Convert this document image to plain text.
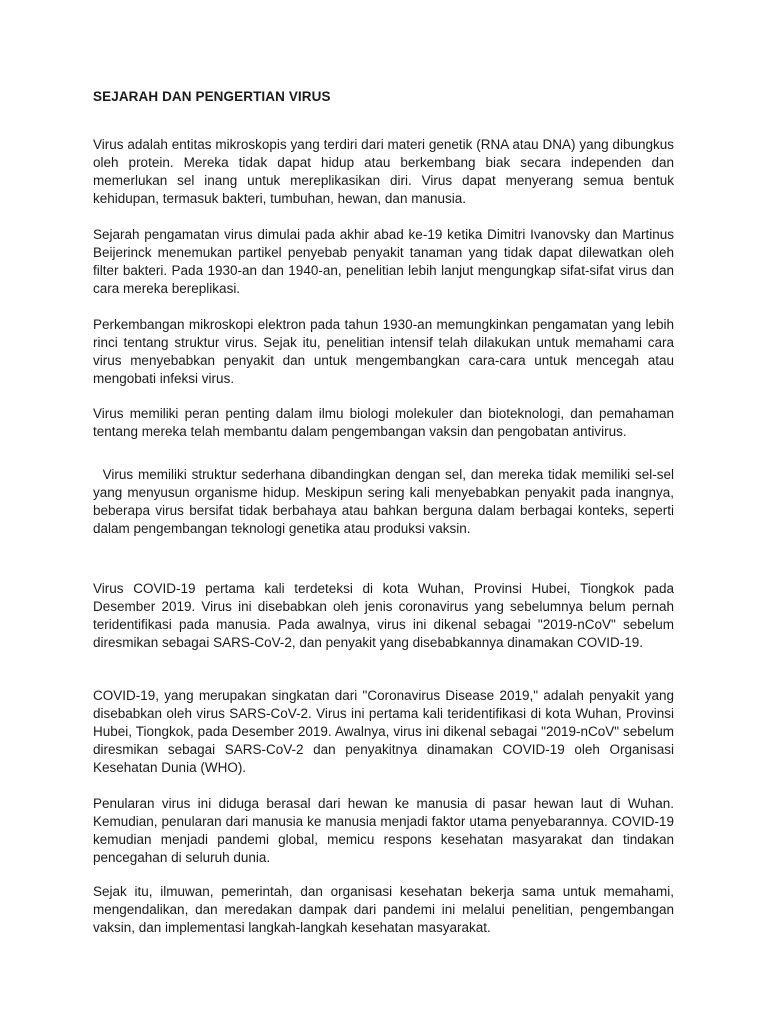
SEJARAH DAN PENGERTIAN VIRUS

Virus adalah entitas mikroskopis yang terdiri dari materi genetik (RNA atau DNA) yang dibungkus oleh protein. Mereka tidak dapat hidup atau berkembang biak secara independen dan memerlukan sel inang untuk mereplikasikan diri. Virus dapat menyerang semua bentuk kehidupan, termasuk bakteri, tumbuhan, hewan, dan manusia.

Sejarah pengamatan virus dimulai pada akhir abad ke-19 ketika Dimitri Ivanovsky dan Martinus Beijerinck menemukan partikel penyebab penyakit tanaman yang tidak dapat dilewatkan oleh filter bakteri. Pada 1930-an dan 1940-an, penelitian lebih lanjut mengungkap sifat-sifat virus dan cara mereka bereplikasi.

Perkembangan mikroskopi elektron pada tahun 1930-an memungkinkan pengamatan yang lebih rinci tentang struktur virus. Sejak itu, penelitian intensif telah dilakukan untuk memahami cara virus menyebabkan penyakit dan untuk mengembangkan cara-cara untuk mencegah atau mengobati infeksi virus.

Virus memiliki peran penting dalam ilmu biologi molekuler dan bioteknologi, dan pemahaman tentang mereka telah membantu dalam pengembangan vaksin dan pengobatan antivirus.

Virus memiliki struktur sederhana dibandingkan dengan sel, dan mereka tidak memiliki sel-sel yang menyusun organisme hidup. Meskipun sering kali menyebabkan penyakit pada inangnya, beberapa virus bersifat tidak berbahaya atau bahkan berguna dalam berbagai konteks, seperti dalam pengembangan teknologi genetika atau produksi vaksin.

Virus COVID-19 pertama kali terdeteksi di kota Wuhan, Provinsi Hubei, Tiongkok pada Desember 2019. Virus ini disebabkan oleh jenis coronavirus yang sebelumnya belum pernah teridentifikasi pada manusia. Pada awalnya, virus ini dikenal sebagai "2019-nCoV" sebelum diresmikan sebagai SARS-CoV-2, dan penyakit yang disebabkannya dinamakan COVID-19.

COVID-19, yang merupakan singkatan dari "Coronavirus Disease 2019," adalah penyakit yang disebabkan oleh virus SARS-CoV-2. Virus ini pertama kali teridentifikasi di kota Wuhan, Provinsi Hubei, Tiongkok, pada Desember 2019. Awalnya, virus ini dikenal sebagai "2019-nCoV" sebelum diresmikan sebagai SARS-CoV-2 dan penyakitnya dinamakan COVID-19 oleh Organisasi Kesehatan Dunia (WHO).

Penularan virus ini diduga berasal dari hewan ke manusia di pasar hewan laut di Wuhan. Kemudian, penularan dari manusia ke manusia menjadi faktor utama penyebarannya. COVID-19 kemudian menjadi pandemi global, memicu respons kesehatan masyarakat dan tindakan pencegahan di seluruh dunia.

Sejak itu, ilmuwan, pemerintah, dan organisasi kesehatan bekerja sama untuk memahami, mengendalikan, dan meredakan dampak dari pandemi ini melalui penelitian, pengembangan vaksin, dan implementasi langkah-langkah kesehatan masyarakat.
